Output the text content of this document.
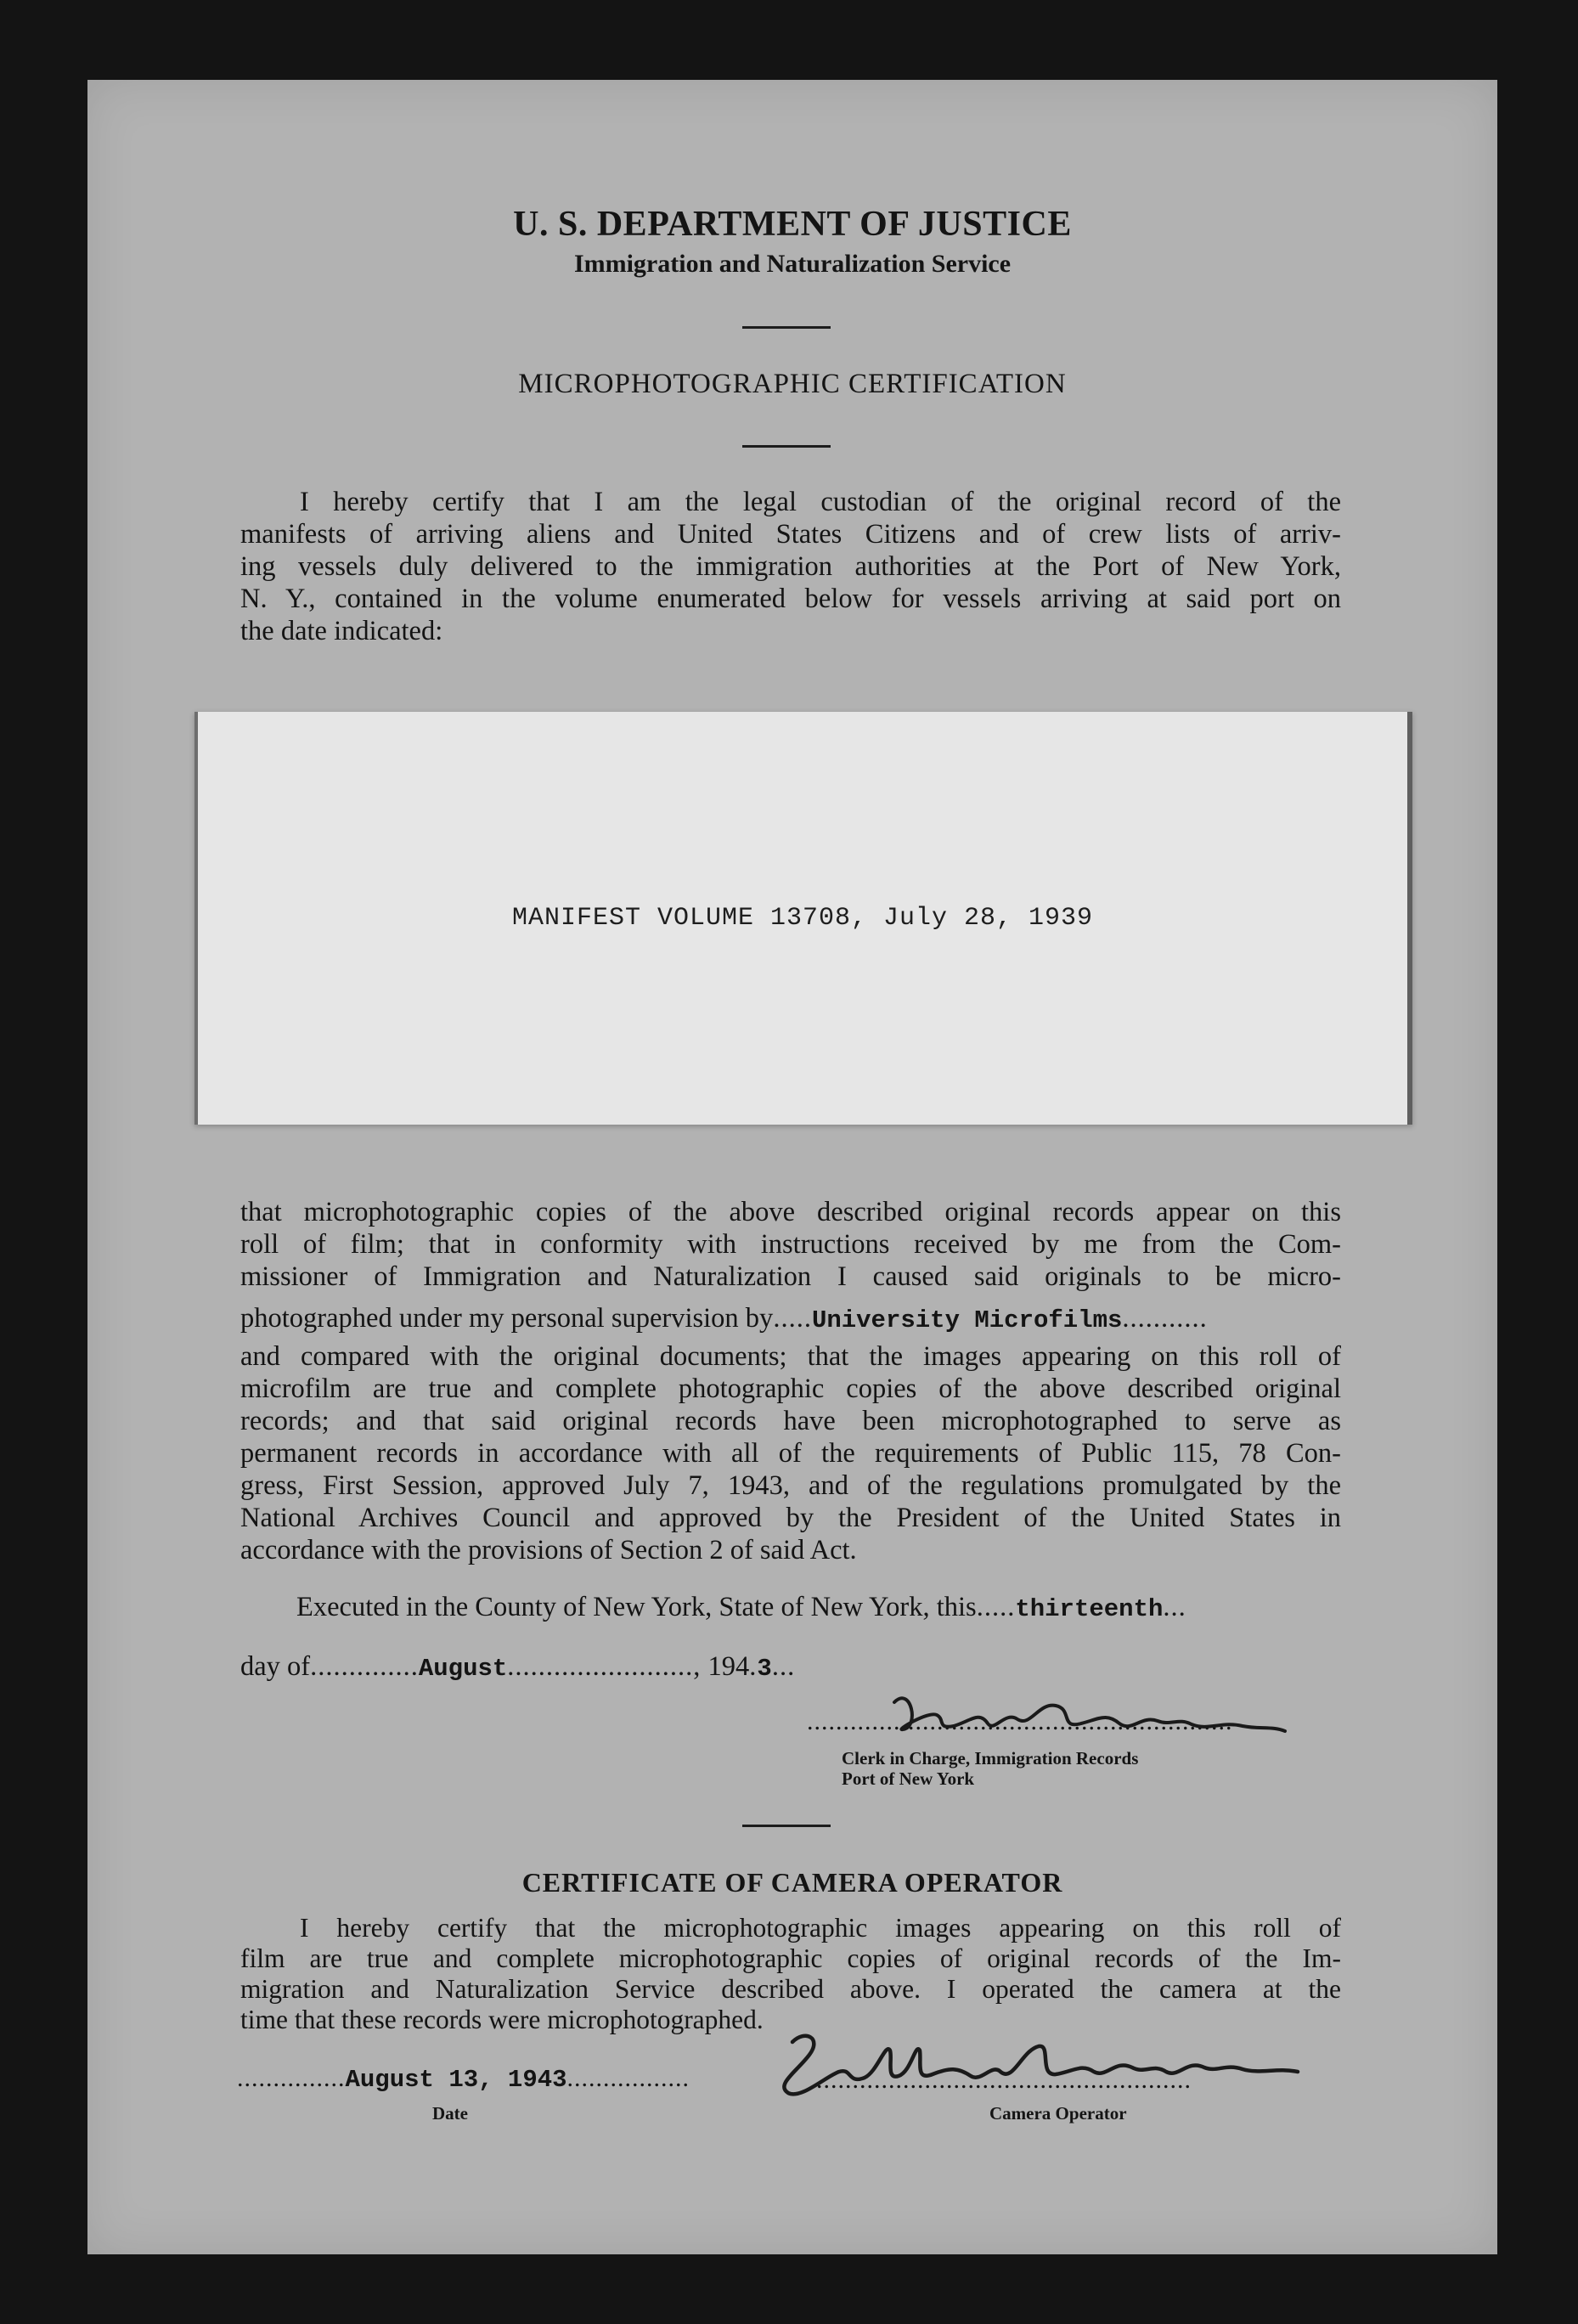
U. S. DEPARTMENT OF JUSTICE
Immigration and Naturalization Service
MICROPHOTOGRAPHIC CERTIFICATION
I hereby certify that I am the legal custodian of the original record of the
manifests of arriving aliens and United States Citizens and of crew lists of arriv-
ing vessels duly delivered to the immigration authorities at the Port of New York,
N. Y., contained in the volume enumerated below for vessels arriving at said port on
the date indicated:
MANIFEST VOLUME 13708, July 28, 1939
that microphotographic copies of the above described original records appear on this
roll of film; that in conformity with instructions received by me from the Com-
missioner of Immigration and Naturalization I caused said originals to be micro-
photographed under my personal supervision by.....University Microfilms...........
and compared with the original documents; that the images appearing on this roll of
microfilm are true and complete photographic copies of the above described original
records; and that said original records have been microphotographed to serve as
permanent records in accordance with all of the requirements of Public 115, 78 Con-
gress, First Session, approved July 7, 1943, and of the regulations promulgated by the
National Archives Council and approved by the President of the United States in
accordance with the provisions of Section 2 of said Act.
Executed in the County of New York, State of New York, this.....thirteenth...
day of..............August........................, 194.3...
...........................................................
Clerk in Charge, Immigration Records
Port of New York
CERTIFICATE OF CAMERA OPERATOR
I hereby certify that the microphotographic images appearing on this roll of
film are true and complete microphotographic copies of original records of the Im-
migration and Naturalization Service described above. I operated the camera at the
time that these records were microphotographed.
...............August 13, 1943.................
Date
....................................................
Camera Operator
